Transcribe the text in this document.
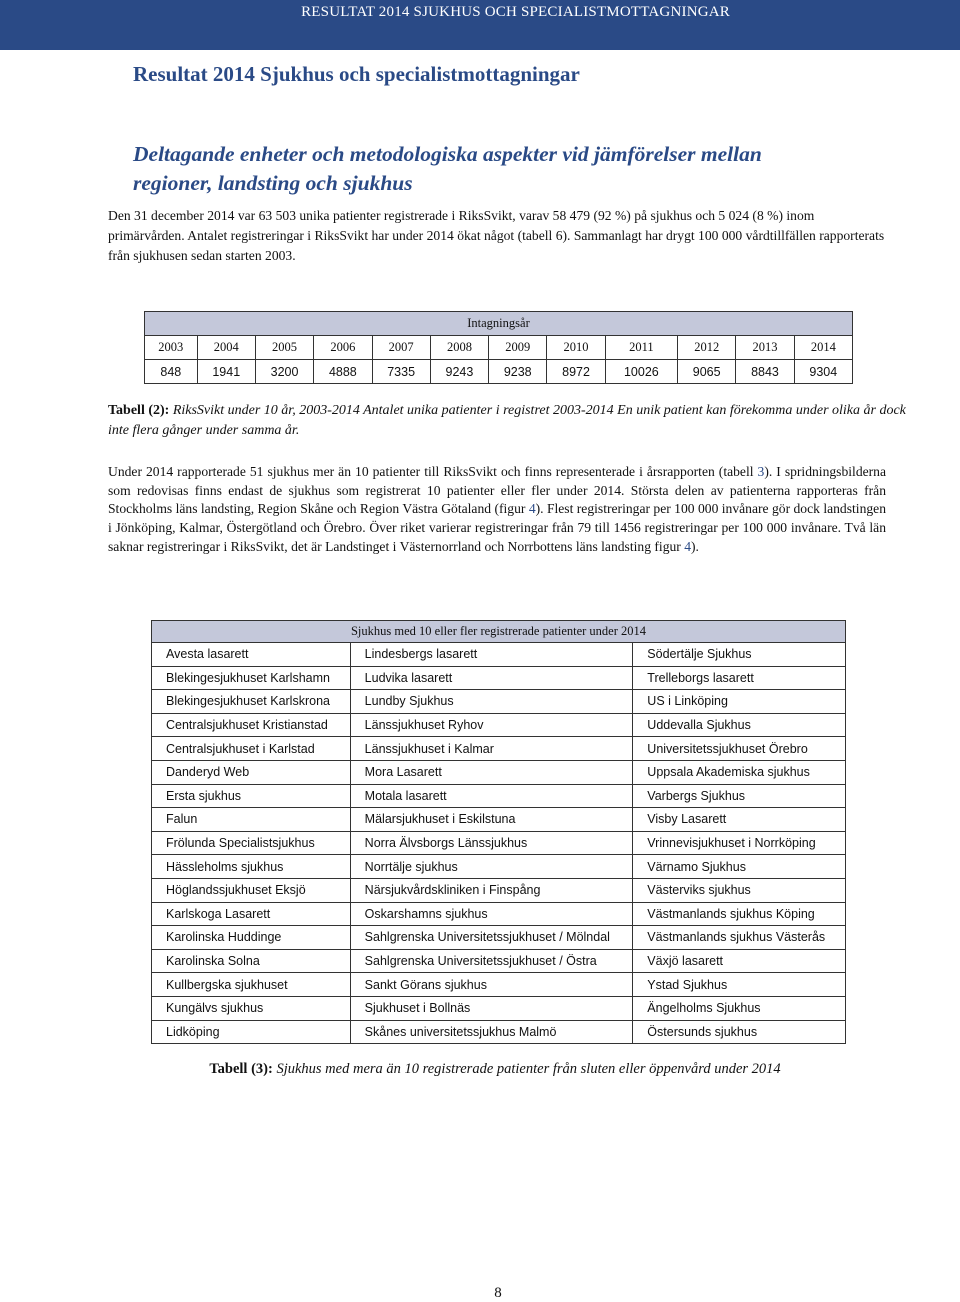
RESULTAT 2014 SJUKHUS OCH SPECIALISTMOTTAGNINGAR
Resultat 2014 Sjukhus och specialistmottagningar
Deltagande enheter och metodologiska aspekter vid jämförelser mellan regioner, landsting och sjukhus

Den 31 december 2014 var 63 503 unika patienter registrerade i RiksSvikt, varav 58 479 (92 %) på sjukhus och 5 024 (8 %) inom primärvården. Antalet registreringar i RiksSvikt har under 2014 ökat något (tabell 6). Sammanlagt har drygt 100 000 vårdtillfällen rapporterats från sjukhusen sedan starten 2003.

Intagningsår											
2003	2004	2005	2006	2007	2008	2009	2010	2011	2012	2013	2014
848	1941	3200	4888	7335	9243	9238	8972	10026	9065	8843	9304

Tabell (2): RiksSvikt under 10 år, 2003-2014 Antalet unika patienter i registret 2003-2014 En unik patient kan förekomma under olika år dock inte flera gånger under samma år.

Under 2014 rapporterade 51 sjukhus mer än 10 patienter till RiksSvikt och finns representerade i årsrapporten (tabell 3). I spridningsbilderna som redovisas finns endast de sjukhus som registrerat 10 patienter eller fler under 2014. Största delen av patienterna rapporteras från Stockholms läns landsting, Region Skåne och Region Västra Götaland (figur 4). Flest registreringar per 100 000 invånare gör dock landstingen i Jönköping, Kalmar, Östergötland och Örebro. Över riket varierar registreringar från 79 till 1456 registreringar per 100 000 invånare. Två län saknar registreringar i RiksSvikt, det är Landstinget i Västernorrland och Norrbottens läns landsting figur 4).

Sjukhus med 10 eller fler registrerade patienter under 2014		
Avesta lasarett	Lindesbergs lasarett	Södertälje Sjukhus
Blekingesjukhuset Karlshamn	Ludvika lasarett	Trelleborgs lasarett
Blekingesjukhuset Karlskrona	Lundby Sjukhus	US i Linköping
Centralsjukhuset Kristianstad	Länssjukhuset Ryhov	Uddevalla Sjukhus
Centralsjukhuset i Karlstad	Länssjukhuset i Kalmar	Universitetssjukhuset Örebro
Danderyd Web	Mora Lasarett	Uppsala Akademiska sjukhus
Ersta sjukhus	Motala lasarett	Varbergs Sjukhus
Falun	Mälarsjukhuset i Eskilstuna	Visby Lasarett
Frölunda Specialistsjukhus	Norra Älvsborgs Länssjukhus	Vrinnevisjukhuset i Norrköping
Hässleholms sjukhus	Norrtälje sjukhus	Värnamo Sjukhus
Höglandssjukhuset Eksjö	Närsjukvårdskliniken i Finspång	Västerviks sjukhus
Karlskoga Lasarett	Oskarshamns sjukhus	Västmanlands sjukhus Köping
Karolinska Huddinge	Sahlgrenska Universitetssjukhuset / Mölndal	Västmanlands sjukhus Västerås
Karolinska Solna	Sahlgrenska Universitetssjukhuset / Östra	Växjö lasarett
Kullbergska sjukhuset	Sankt Görans sjukhus	Ystad Sjukhus
Kungälvs sjukhus	Sjukhuset i Bollnäs	Ängelholms Sjukhus
Lidköping	Skånes universitetssjukhus Malmö	Östersunds sjukhus

Tabell (3): Sjukhus med mera än 10 registrerade patienter från sluten eller öppenvård under 2014

8
